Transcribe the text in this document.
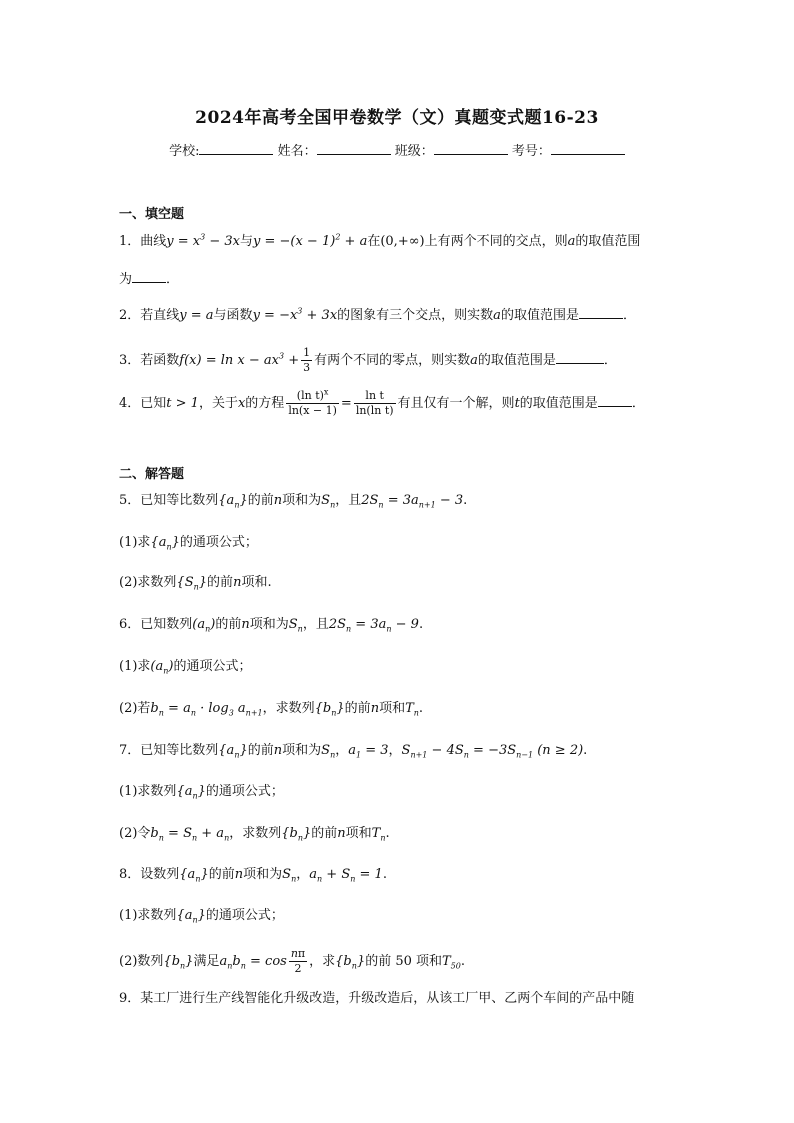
2024年高考全国甲卷数学（文）真题变式题16-23
学校:	姓名：	班级：	考号：
一、填空题
1．曲线$y = x^3 - 3x$与$y = -(x - 1)^2 + a$在(0,+∞)上有两个不同的交点，则a的取值范围
为	．
2．若直线y = a与函数$y = -x^3 + 3x$的图象有三个交点，则实数a的取值范围是	．
3．若函数$f(x) = \ln x - ax^3 + \frac{1}{3}$ 有两个不同的零点，则实数a的取值范围是	．
4．已知t > 1，关于x的方程 $\frac{(\ln t)^x}{\ln(x - 1)} = \frac{\text{ln t}}{\text{ln(ln t)}}$ 有且仅有一个解，则t的取值范围是	．
二、解答题
5．已知等比数列$\{a_n\}$的前n项和为$S_n$，且$2S_n = 3a_{n+1} - 3$.
(1)求$\{a_n\}$的通项公式；
(2)求数列$\{S_n\}$的前n项和.
6．已知数列$(a_n)$的前n项和为$S_n$，且$2S_n = 3a_n - 9$.
(1)求$(a_n)$的通项公式；
(2)若$b_n = a_n \cdot \log_3 a_{n+1}$，求数列$\{b_n\}$的前n项和$T_n$.
7．已知等比数列$\{a_n\}$的前n项和为$S_n$，$a_1 = 3$，$S_{n+1} - 4S_n = -3S_{n-1}$ (n ≥ 2).
(1)求数列$\{a_n\}$的通项公式；
(2)令$b_n = S_n + a_n$，求数列$\{b_n\}$的前n项和$T_n$.
8．设数列$\{a_n\}$的前n项和为$S_n$，$a_n + S_n = 1$.
(1)求数列$\{a_n\}$的通项公式；
(2)数列$\{b_n\}$满足$a_nb_n = \cos \frac{n\pi}{2}$ ，求$\{b_n\}$的前 50 项和$T_{50}$.
9．某工厂进行生产线智能化升级改造，升级改造后，从该工厂甲、乙两个车间的产品中随
